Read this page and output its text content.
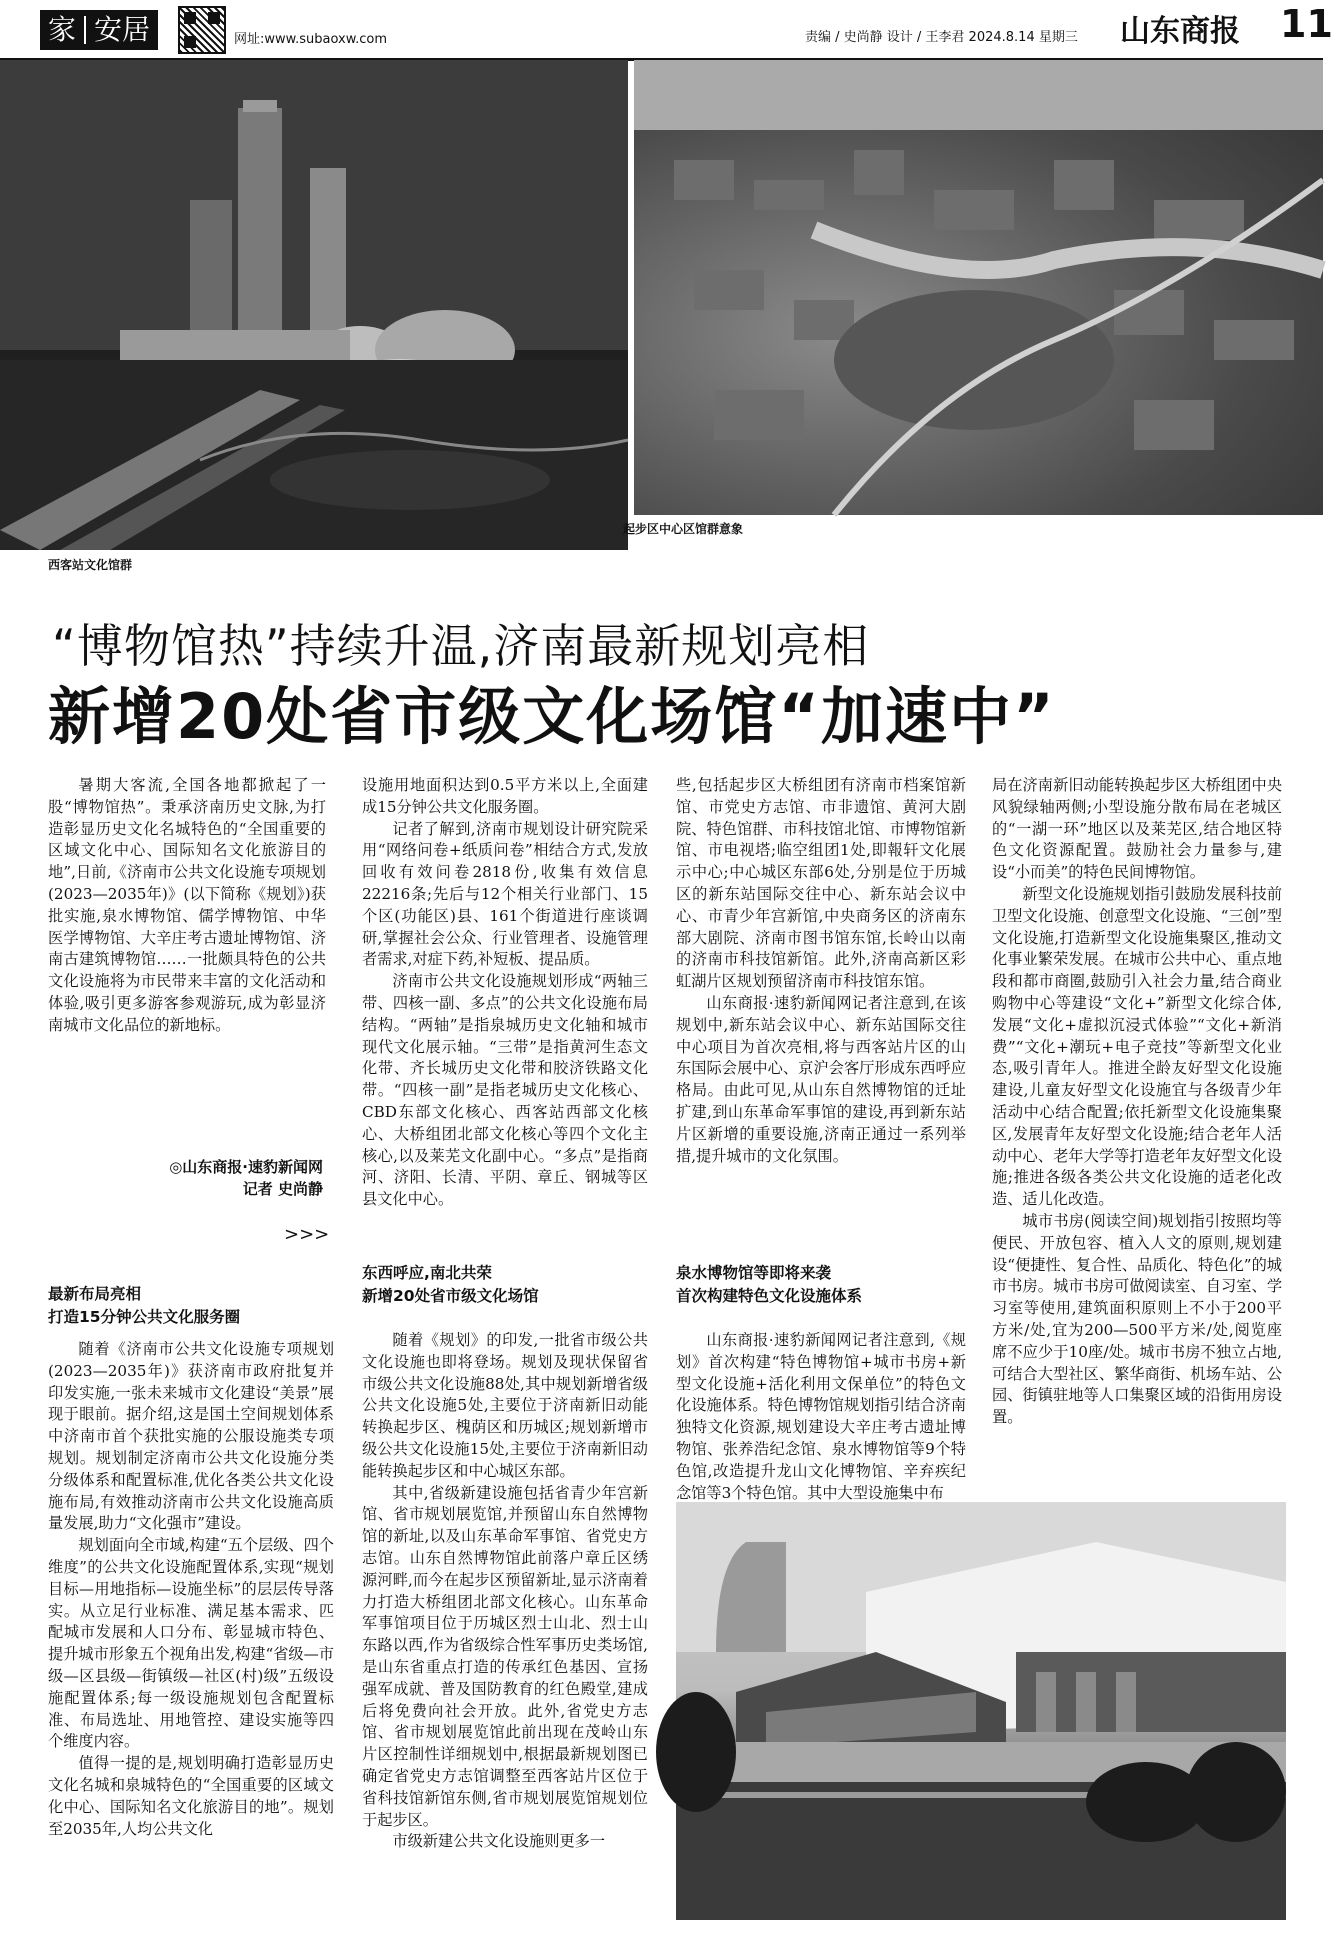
家 安居	网址:www.subaoxw.com	责编 / 史尚静 设计 / 王李君 2024.8.14 星期三 山东商报 11
西客站文化馆群
起步区中心区馆群意象
“博物馆热”持续升温,济南最新规划亮相
新增20处省市级文化场馆“加速中”

暑期大客流,全国各地都掀起了一股“博物馆热”。秉承济南历史文脉,为打造彰显历史文化名城特色的“全国重要的区域文化中心、国际知名文化旅游目的地”,日前,《济南市公共文化设施专项规划(2023—2035年)》(以下简称《规划》)获批实施,泉水博物馆、儒学博物馆、中华医学博物馆、大辛庄考古遗址博物馆、济南古建筑博物馆……一批颇具特色的公共文化设施将为市民带来丰富的文化活动和体验,吸引更多游客参观游玩,成为彰显济南城市文化品位的新地标。

◎山东商报·速豹新闻网
记者 史尚静
>>>
最新布局亮相
打造15分钟公共文化服务圈

随着《济南市公共文化设施专项规划(2023—2035年)》获济南市政府批复并印发实施,一张未来城市文化建设“美景”展现于眼前。据介绍,这是国土空间规划体系中济南市首个获批实施的公服设施类专项规划。规划制定济南市公共文化设施分类分级体系和配置标准,优化各类公共文化设施布局,有效推动济南市公共文化设施高质量发展,助力“文化强市”建设。

规划面向全市域,构建“五个层级、四个维度”的公共文化设施配置体系,实现“规划目标—用地指标—设施坐标”的层层传导落实。从立足行业标准、满足基本需求、匹配城市发展和人口分布、彰显城市特色、提升城市形象五个视角出发,构建“省级—市级—区县级—街镇级—社区(村)级”五级设施配置体系;每一级设施规划包含配置标准、布局选址、用地管控、建设实施等四个维度内容。

值得一提的是,规划明确打造彰显历史文化名城和泉城特色的“全国重要的区域文化中心、国际知名文化旅游目的地”。规划至2035年,人均公共文化

设施用地面积达到0.5平方米以上,全面建成15分钟公共文化服务圈。

记者了解到,济南市规划设计研究院采用“网络问卷+纸质问卷”相结合方式,发放回收有效问卷2818份,收集有效信息22216条;先后与12个相关行业部门、15个区(功能区)县、161个街道进行座谈调研,掌握社会公众、行业管理者、设施管理者需求,对症下药,补短板、提品质。

济南市公共文化设施规划形成“两轴三带、四核一副、多点”的公共文化设施布局结构。“两轴”是指泉城历史文化轴和城市现代文化展示轴。“三带”是指黄河生态文化带、齐长城历史文化带和胶济铁路文化带。“四核一副”是指老城历史文化核心、CBD东部文化核心、西客站西部文化核心、大桥组团北部文化核心等四个文化主核心,以及莱芜文化副中心。“多点”是指商河、济阳、长清、平阴、章丘、钢城等区县文化中心。

东西呼应,南北共荣
新增20处省市级文化场馆

随着《规划》的印发,一批省市级公共文化设施也即将登场。规划及现状保留省市级公共文化设施88处,其中规划新增省级公共文化设施5处,主要位于济南新旧动能转换起步区、槐荫区和历城区;规划新增市级公共文化设施15处,主要位于济南新旧动能转换起步区和中心城区东部。

其中,省级新建设施包括省青少年宫新馆、省市规划展览馆,并预留山东自然博物馆的新址,以及山东革命军事馆、省党史方志馆。山东自然博物馆此前落户章丘区绣源河畔,而今在起步区预留新址,显示济南着力打造大桥组团北部文化核心。山东革命军事馆项目位于历城区烈士山北、烈士山东路以西,作为省级综合性军事历史类场馆,是山东省重点打造的传承红色基因、宣扬强军成就、普及国防教育的红色殿堂,建成后将免费向社会开放。此外,省党史方志馆、省市规划展览馆此前出现在茂岭山东片区控制性详细规划中,根据最新规划图已确定省党史方志馆调整至西客站片区位于省科技馆新馆东侧,省市规划展览馆规划位于起步区。

市级新建公共文化设施则更多一

些,包括起步区大桥组团有济南市档案馆新馆、市党史方志馆、市非遗馆、黄河大剧院、特色馆群、市科技馆北馆、市博物馆新馆、市电视塔;临空组团1处,即報轩文化展示中心;中心城区东部6处,分别是位于历城区的新东站国际交往中心、新东站会议中心、市青少年宫新馆,中央商务区的济南东部大剧院、济南市图书馆东馆,长岭山以南的济南市科技馆新馆。此外,济南高新区彩虹湖片区规划预留济南市科技馆东馆。

山东商报·速豹新闻网记者注意到,在该规划中,新东站会议中心、新东站国际交往中心项目为首次亮相,将与西客站片区的山东国际会展中心、京沪会客厅形成东西呼应格局。由此可见,从山东自然博物馆的迁址扩建,到山东革命军事馆的建设,再到新东站片区新增的重要设施,济南正通过一系列举措,提升城市的文化氛围。

泉水博物馆等即将来袭
首次构建特色文化设施体系

山东商报·速豹新闻网记者注意到,《规划》首次构建“特色博物馆+城市书房+新型文化设施+活化利用文保单位”的特色文化设施体系。特色博物馆规划指引结合济南独特文化资源,规划建设大辛庄考古遗址博物馆、张养浩纪念馆、泉水博物馆等9个特色馆,改造提升龙山文化博物馆、辛弃疾纪念馆等3个特色馆。其中大型设施集中布

局在济南新旧动能转换起步区大桥组团中央风貌绿轴两侧;小型设施分散布局在老城区的“一湖一环”地区以及莱芜区,结合地区特色文化资源配置。鼓励社会力量参与,建设“小而美”的特色民间博物馆。

新型文化设施规划指引鼓励发展科技前卫型文化设施、创意型文化设施、“三创”型文化设施,打造新型文化设施集聚区,推动文化事业繁荣发展。在城市公共中心、重点地段和都市商圈,鼓励引入社会力量,结合商业购物中心等建设“文化+”新型文化综合体,发展“文化+虚拟沉浸式体验”“文化+新消费”“文化+潮玩+电子竞技”等新型文化业态,吸引青年人。推进全龄友好型文化设施建设,儿童友好型文化设施宜与各级青少年活动中心结合配置;依托新型文化设施集聚区,发展青年友好型文化设施;结合老年人活动中心、老年大学等打造老年友好型文化设施;推进各级各类公共文化设施的适老化改造、适儿化改造。

城市书房(阅读空间)规划指引按照均等便民、开放包容、植入人文的原则,规划建设“便捷性、复合性、品质化、特色化”的城市书房。城市书房可做阅读室、自习室、学习室等使用,建筑面积原则上不小于200平方米/处,宜为200—500平方米/处,阅览座席不应少于10座/处。城市书房不独立占地,可结合大型社区、繁华商街、机场车站、公园、街镇驻地等人口集聚区域的沿街用房设置。
